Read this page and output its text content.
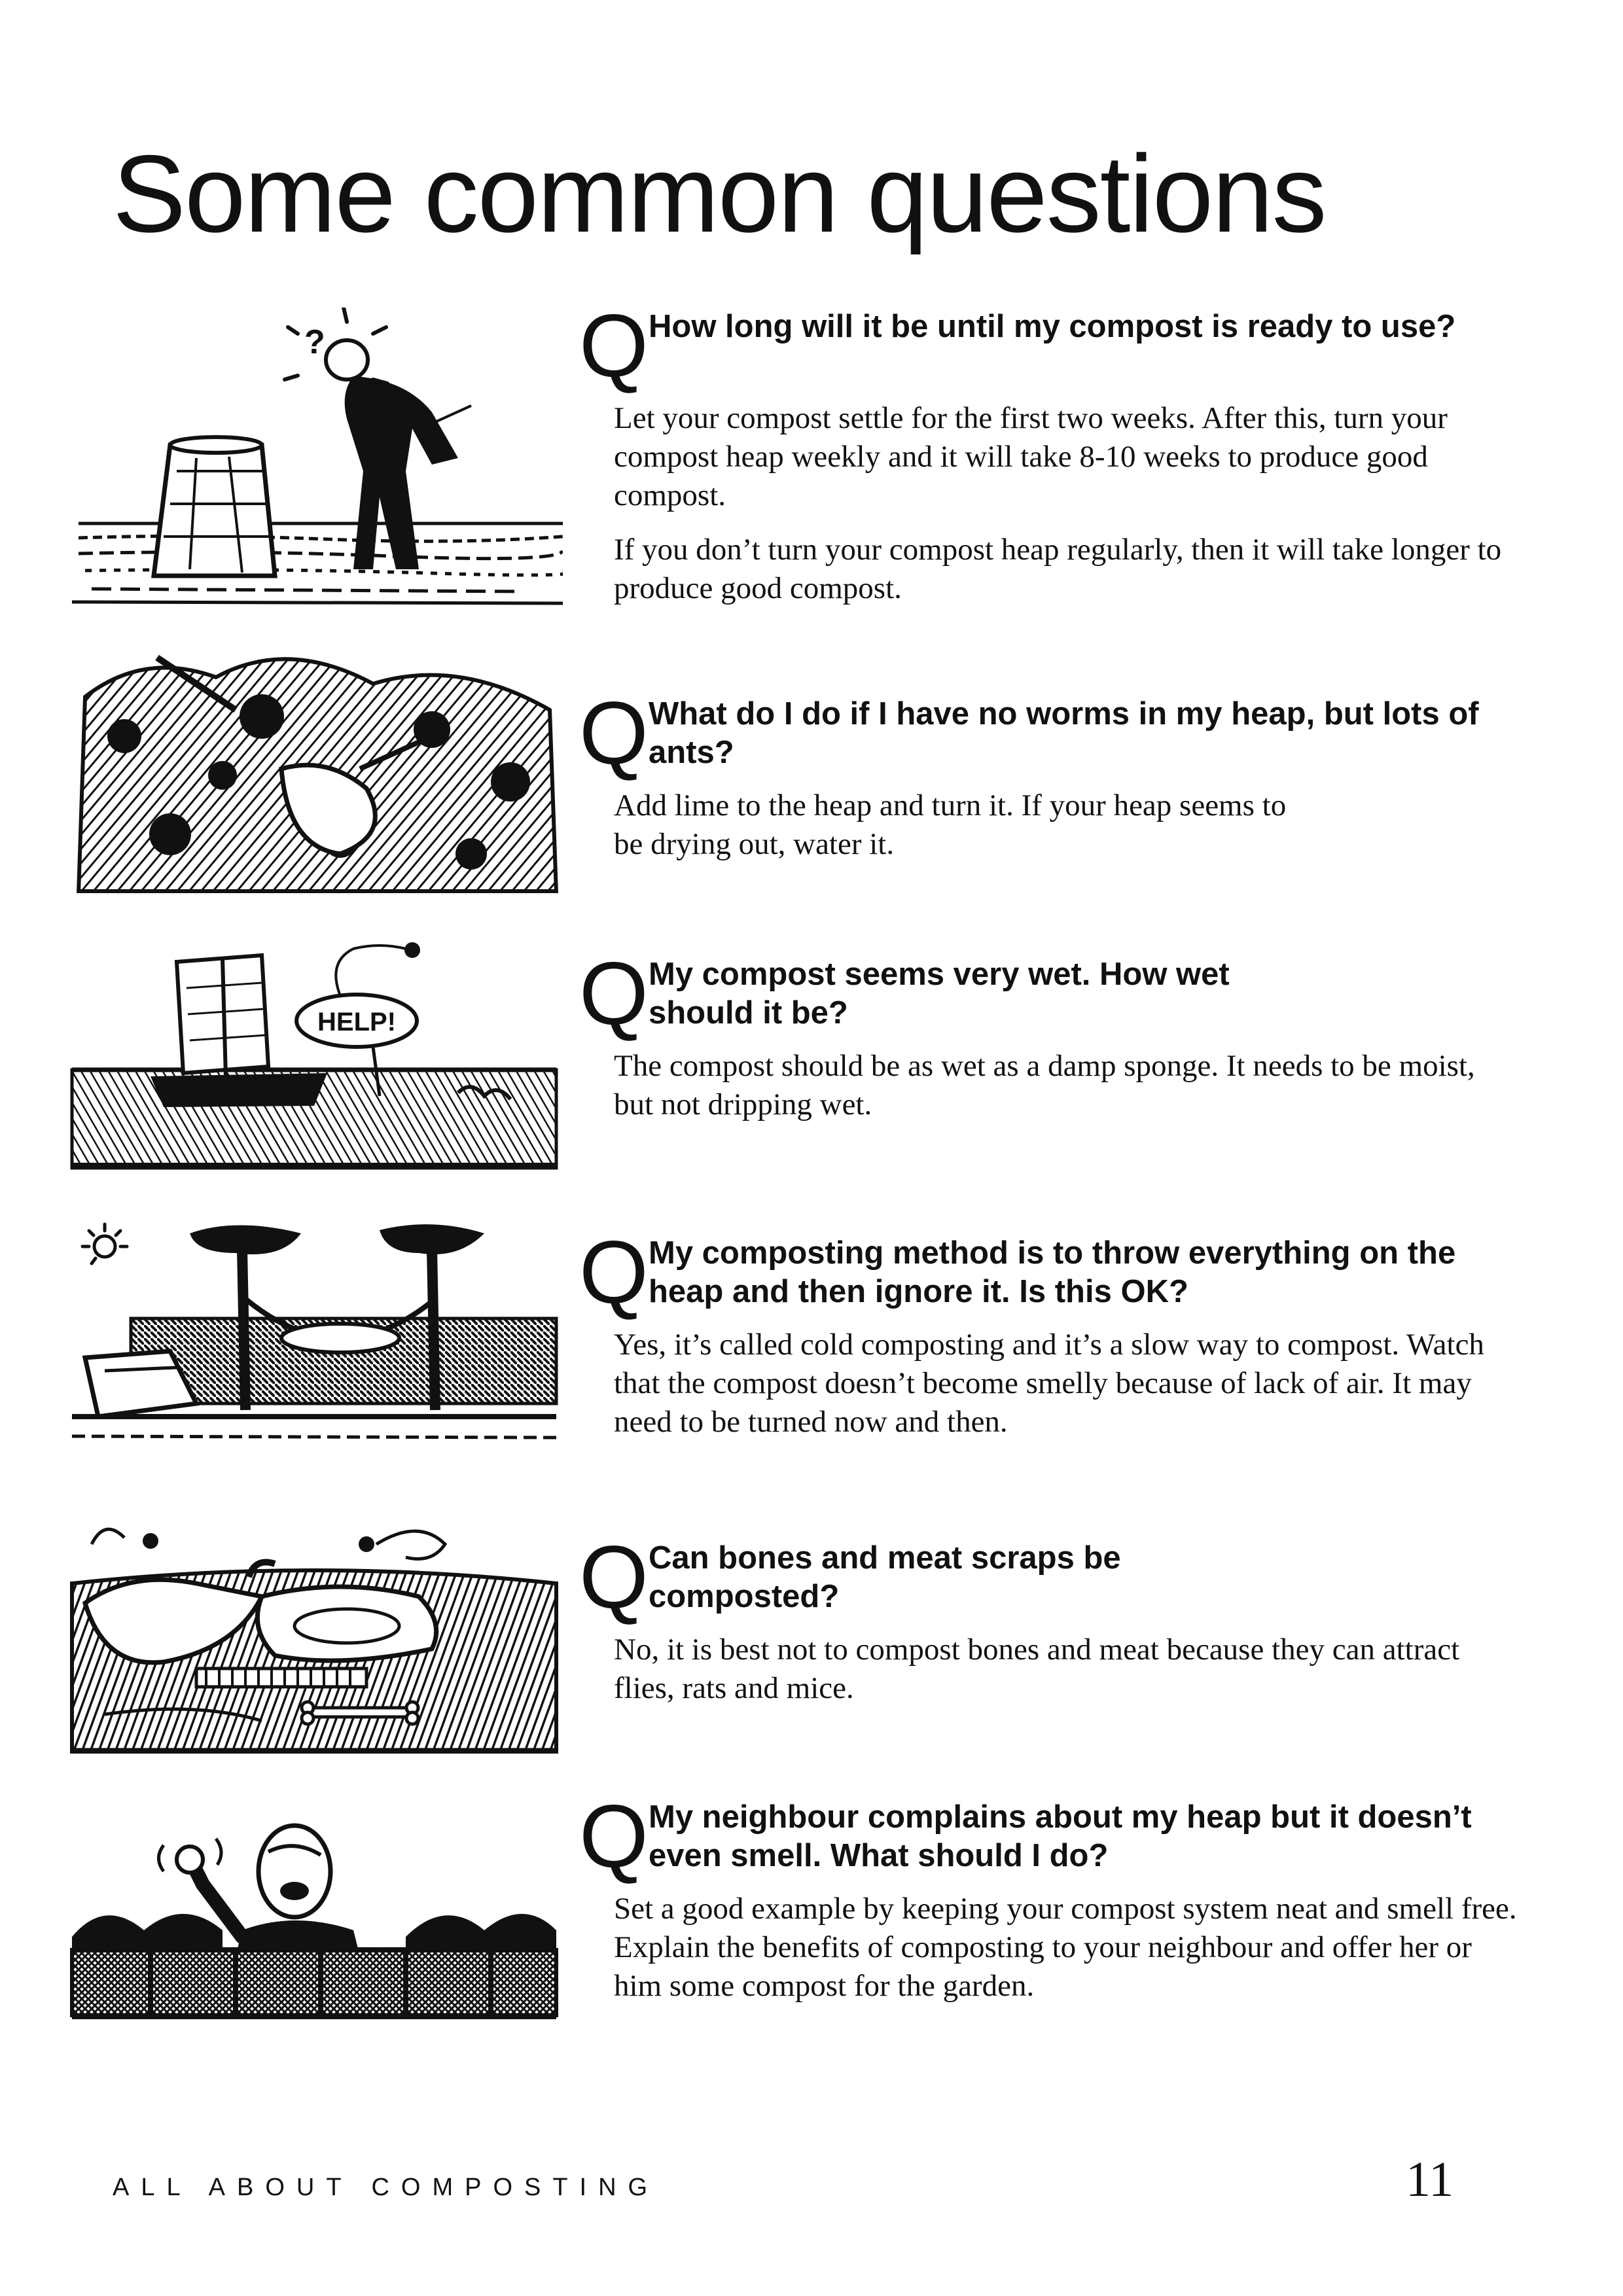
Some common questions
Q How long will it be until my compost is ready to use?

Let your compost settle for the first two weeks. After this, turn your compost heap weekly and it will take 8-10 weeks to produce good compost.

If you don’t turn your compost heap regularly, then it will take longer to produce good compost.

Q What do I do if I have no worms in my heap, but lots of ants?

Add lime to the heap and turn it. If your heap seems to be drying out, water it.

Q My compost seems very wet. How wet should it be?

The compost should be as wet as a damp sponge. It needs to be moist, but not dripping wet.

Q My composting method is to throw everything on the heap and then ignore it. Is this OK?

Yes, it’s called cold composting and it’s a slow way to compost. Watch that the compost doesn’t become smelly because of lack of air. It may need to be turned now and then.

Q Can bones and meat scraps be composted?

No, it is best not to compost bones and meat because they can attract flies, rats and mice.

Q My neighbour complains about my heap but it doesn’t even smell. What should I do?

Set a good example by keeping your compost system neat and smell free. Explain the benefits of composting to your neighbour and offer her or him some compost for the garden.

?
HELP!
ALL ABOUT COMPOSTING	11
